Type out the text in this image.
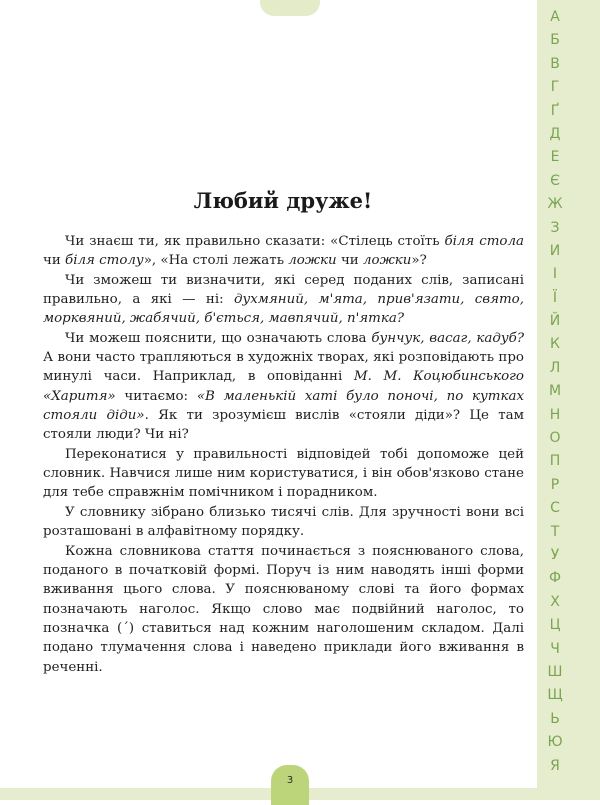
А
Б
В
Г
Ґ
Д
Е
Є
Ж
З
И
І
Ї
Й
К
Л
М
Н
О
П
Р
С
Т
У
Ф
Х
Ц
Ч
Ш
Щ
Ь
Ю
Я
3
Любий друже!

Чи знаєш ти, як правильно сказати: «Стілець стоїть біля стола чи біля столу», «На столі лежать ложки чи ложки»?

Чи зможеш ти визначити, які серед поданих слів, записані правильно, а які — ні: духмяний, м'ята, прив'язати, свято, морквяний, жабячий, б'ється, мавпячий, п'ятка?

Чи можеш пояснити, що означають слова бунчук, васаг, кадуб? А вони часто трапляються в художніх творах, які розповідають про минулі часи. Наприклад, в оповіданні М. М. Коцюбинського «Харитя» читаємо: «В маленькій хаті було поночі, по кутках стояли діди». Як ти зрозумієш вислів «стояли діди»? Це там стояли люди? Чи ні?

Переконатися у правильності відповідей тобі допоможе цей словник. Навчися лише ним користуватися, і він обов'язково стане для тебе справжнім помічником і порадником.

У словнику зібрано близько тисячі слів. Для зручності вони всі розташовані в алфавітному порядку.

Кожна словникова стаття починається з пояснюваного слова, поданого в початковій формі. Поруч із ним наводять інші форми вживання цього слова. У пояснюваному слові та його формах позначають наголос. Якщо слово має подвійний наголос, то позначка (´) ставиться над кожним наголошеним складом. Далі подано тлумачення слова і наведено приклади його вживання в реченні.
